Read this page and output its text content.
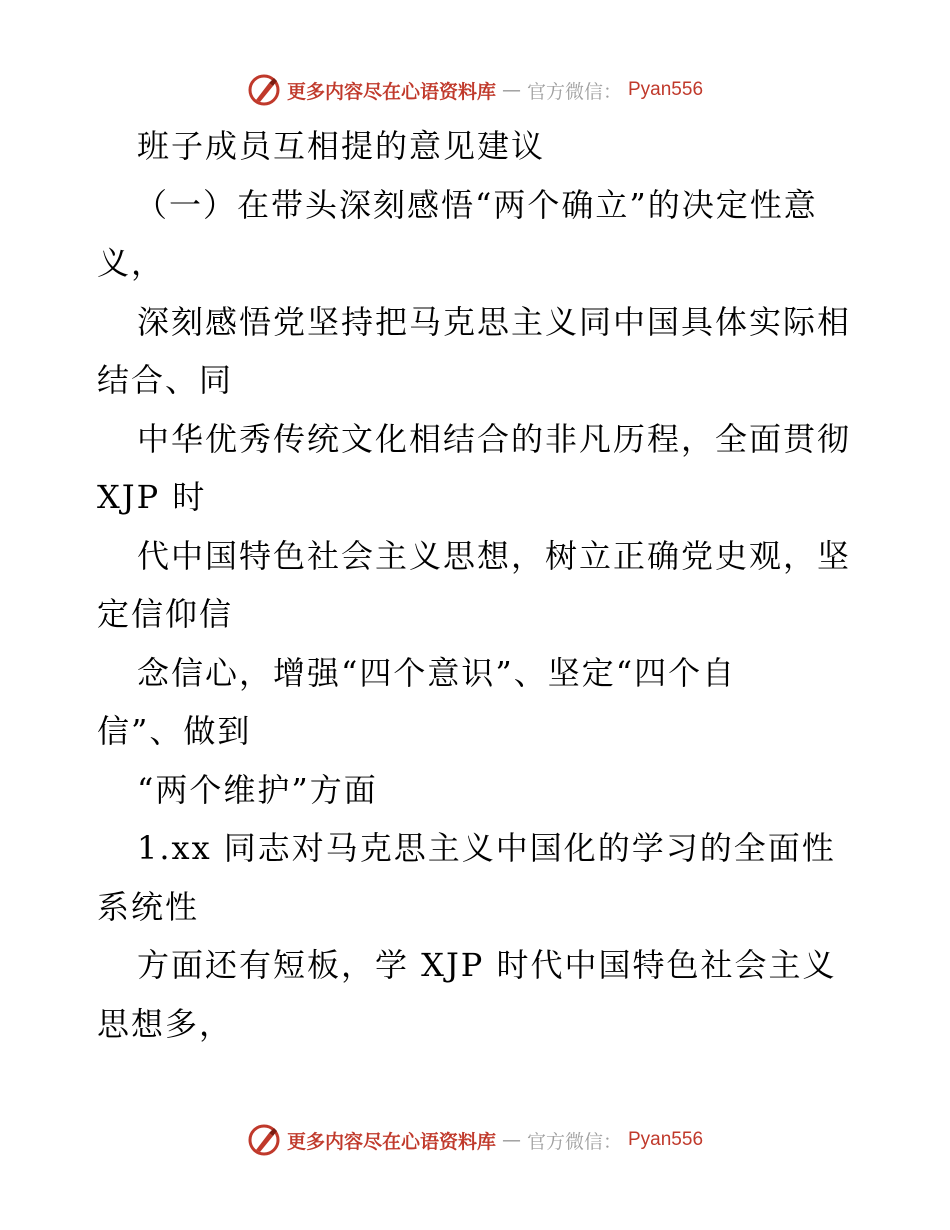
更多内容尽在心语资料库 — 官方微信： Pyan556
班子成员互相提的意见建议
（一）在带头深刻感悟“两个确立”的决定性意
义，
深刻感悟党坚持把马克思主义同中国具体实际相
结合、同
中华优秀传统文化相结合的非凡历程，全面贯彻
XJP 时
代中国特色社会主义思想，树立正确党史观，坚
定信仰信
念信心，增强“四个意识”、坚定“四个自
信”、做到
“两个维护”方面
1.xx 同志对马克思主义中国化的学习的全面性
系统性
方面还有短板，学 XJP 时代中国特色社会主义
思想多，
更多内容尽在心语资料库 — 官方微信： Pyan556
